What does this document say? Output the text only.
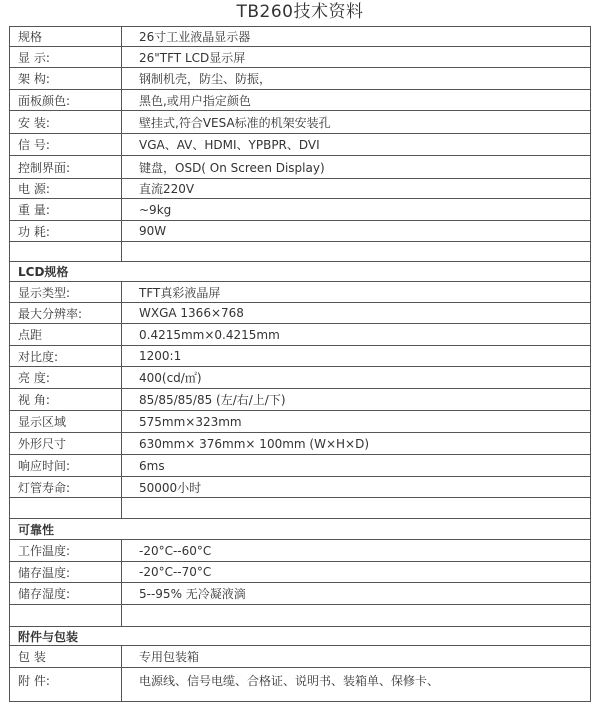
TB260技术资料
规格	26寸工业液晶显示器
显 示:	26"TFT LCD显示屏
架 构:	钢制机壳，防尘、防振，
面板颜色:	黑色,或用户指定颜色
安 装:	壁挂式,符合VESA标准的机架安装孔
信 号:	VGA、AV、HDMI、YPBPR、DVI
控制界面:	键盘，OSD( On Screen Display)
电 源:	直流220V
重 量:	~9kg
功 耗:	90W

LCD规格	
显示类型:	TFT真彩液晶屏
最大分辨率:	WXGA 1366×768
点距	0.4215mm×0.4215mm
对比度:	1200:1
亮 度:	400(cd/㎡)
视 角:	85/85/85/85 (左/右/上/下)
显示区域	575mm×323mm
外形尺寸	630mm× 376mm× 100mm (W×H×D)
响应时间:	6ms
灯管寿命:	50000小时

可靠性	
工作温度:	-20°C--60°C
储存温度:	-20°C--70°C
储存湿度:	5--95% 无冷凝液滴

附件与包装	
包 装	专用包装箱
附 件:	电源线、信号电缆、合格证、说明书、装箱单、保修卡、
